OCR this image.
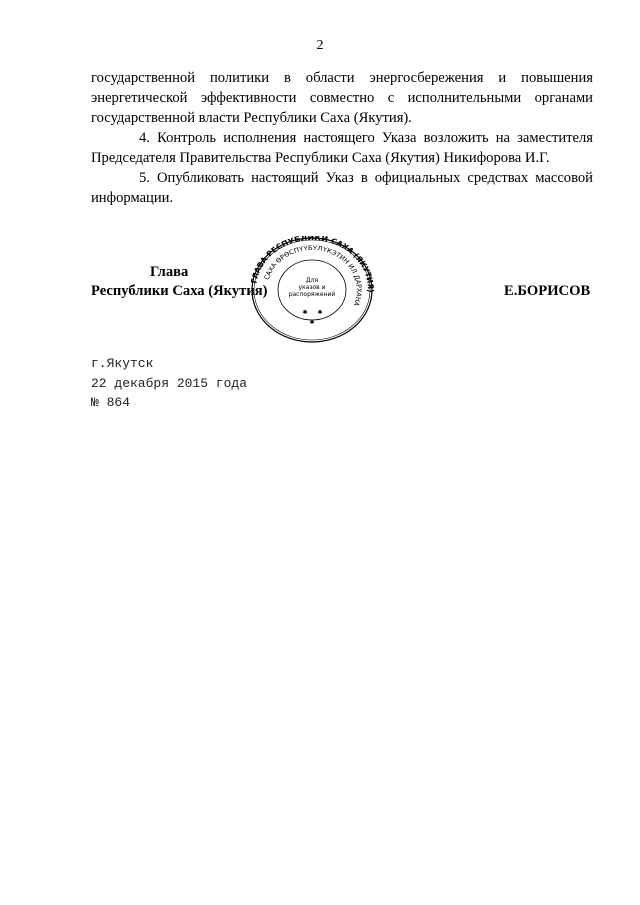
2

государственной политики в области энергосбережения и повышения энергетической эффективности совместно с исполнительными органами государственной власти Республики Саха (Якутия).

4. Контроль исполнения настоящего Указа возложить на заместителя Председателя Правительства Республики Саха (Якутия) Никифорова И.Г.

5. Опубликовать настоящий Указ в официальных средствах массовой информации.

Глава
Республики Саха (Якутия)	Е.БОРИСОВ
ГЛАВА РЕСПУБЛИКИ САХА (ЯКУТИЯ)
САХА ӨРӨСПҮҮБҮЛҮКЭТИН ИЛ ДАРХАНА
Для
указов и
распоряжений
✱ ✱
✱
г.Якутск
22 декабря 2015 года
№ 864
